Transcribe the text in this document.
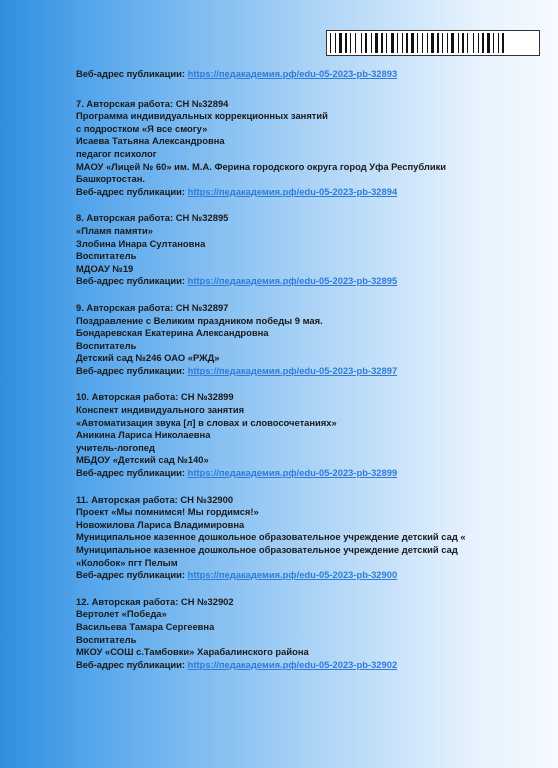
Веб-адрес публикации: https://педакадемия.рф/edu-05-2023-pb-32893
7. Авторская работа: СН №32894
Программа индивидуальных коррекционных занятий
с подростком «Я все смогу»
Исаева Татьяна Александровна
педагог психолог
МАОУ «Лицей № 60» им. М.А. Ферина городского округа город Уфа Республики
Башкортостан.
Веб-адрес публикации: https://педакадемия.рф/edu-05-2023-pb-32894
8. Авторская работа: СН №32895
«Пламя памяти»
Злобина Инара Султановна
Воспитатель
МДОАУ №19
Веб-адрес публикации: https://педакадемия.рф/edu-05-2023-pb-32895
9. Авторская работа: СН №32897
Поздравление с Великим праздником победы 9 мая.
Бондаревская Екатерина Александровна
Воспитатель
Детский сад №246 ОАО «РЖД»
Веб-адрес публикации: https://педакадемия.рф/edu-05-2023-pb-32897
10. Авторская работа: СН №32899
Конспект индивидуального занятия
«Автоматизация звука [л] в словах и словосочетаниях»
Аникина Лариса Николаевна
учитель-логопед
МБДОУ «Детский сад №140»
Веб-адрес публикации: https://педакадемия.рф/edu-05-2023-pb-32899
11. Авторская работа: СН №32900
Проект «Мы помнимся! Мы гордимся!»
Новожилова Лариса Владимировна
Муниципальное казенное дошкольное образовательное учреждение детский сад «
Муниципальное казенное дошкольное образовательное учреждение детский сад
«Колобок» пгт Пелым
Веб-адрес публикации: https://педакадемия.рф/edu-05-2023-pb-32900
12. Авторская работа: СН №32902
Вертолет «Победа»
Васильева Тамара Сергеевна
Воспитатель
МКОУ «СОШ с.Тамбовки» Харабалинского района
Веб-адрес публикации: https://педакадемия.рф/edu-05-2023-pb-32902
